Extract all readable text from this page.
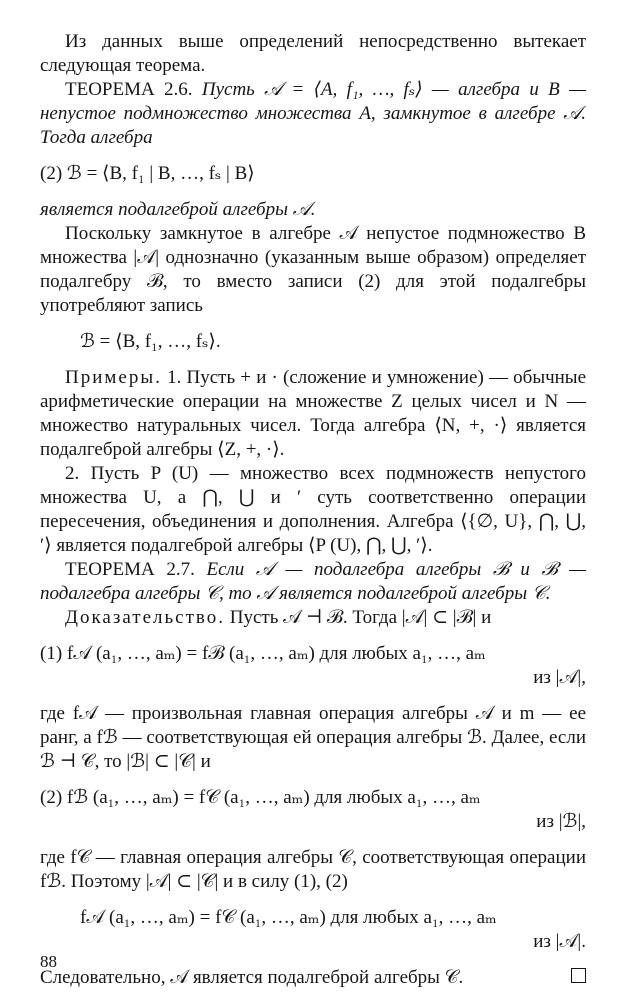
Из данных выше определений непосредственно вытекает следующая теорема.

ТЕОРЕМА 2.6. Пусть 𝒜 = ⟨A, f₁, …, fₛ⟩ — алгебра и B — непустое подмножество множества A, замкнутое в алгебре 𝒜. Тогда алгебра

(2) ℬ = ⟨B, f₁ | B, …, fₛ | B⟩

является подалгеброй алгебры 𝒜.

Поскольку замкнутое в алгебре 𝒜 непустое подмножество B множества |𝒜| однозначно (указанным выше образом) определяет подалгебру ℬ, то вместо записи (2) для этой подалгебры употребляют запись

ℬ = ⟨B, f₁, …, fₛ⟩.

Примеры. 1. Пусть + и · (сложение и умножение) — обычные арифметические операции на множестве Z целых чисел и N — множество натуральных чисел. Тогда алгебра ⟨N, +, ·⟩ является подалгеброй алгебры ⟨Z, +, ·⟩.

2. Пусть P (U) — множество всех подмножеств непустого множества U, а ⋂, ⋃ и ′ суть соответственно операции пересечения, объединения и дополнения. Алгебра ⟨{∅, U}, ⋂, ⋃, ′⟩ является подалгеброй алгебры ⟨P (U), ⋂, ⋃, ′⟩.

ТЕОРЕМА 2.7. Если 𝒜 — подалгебра алгебры ℬ и ℬ — подалгебра алгебры 𝒞, то 𝒜 является подалгеброй алгебры 𝒞.

Доказательство. Пусть 𝒜 ⊣ ℬ. Тогда |𝒜| ⊂ |ℬ| и

(1) f𝒜 (a₁, …, aₘ) = fℬ (a₁, …, aₘ) для любых a₁, …, aₘ

из |𝒜|,

где f𝒜 — произвольная главная операция алгебры 𝒜 и m — ее ранг, а fℬ — соответствующая ей операция алгебры ℬ. Далее, если ℬ ⊣ 𝒞, то |ℬ| ⊂ |𝒞| и

(2) fℬ (a₁, …, aₘ) = f𝒞 (a₁, …, aₘ) для любых a₁, …, aₘ

из |ℬ|,

где f𝒞 — главная операция алгебры 𝒞, соответствующая операции fℬ. Поэтому |𝒜| ⊂ |𝒞| и в силу (1), (2)

f𝒜 (a₁, …, aₘ) = f𝒞 (a₁, …, aₘ) для любых a₁, …, aₘ

из |𝒜|.

Следовательно, 𝒜 является подалгеброй алгебры 𝒞.
88
